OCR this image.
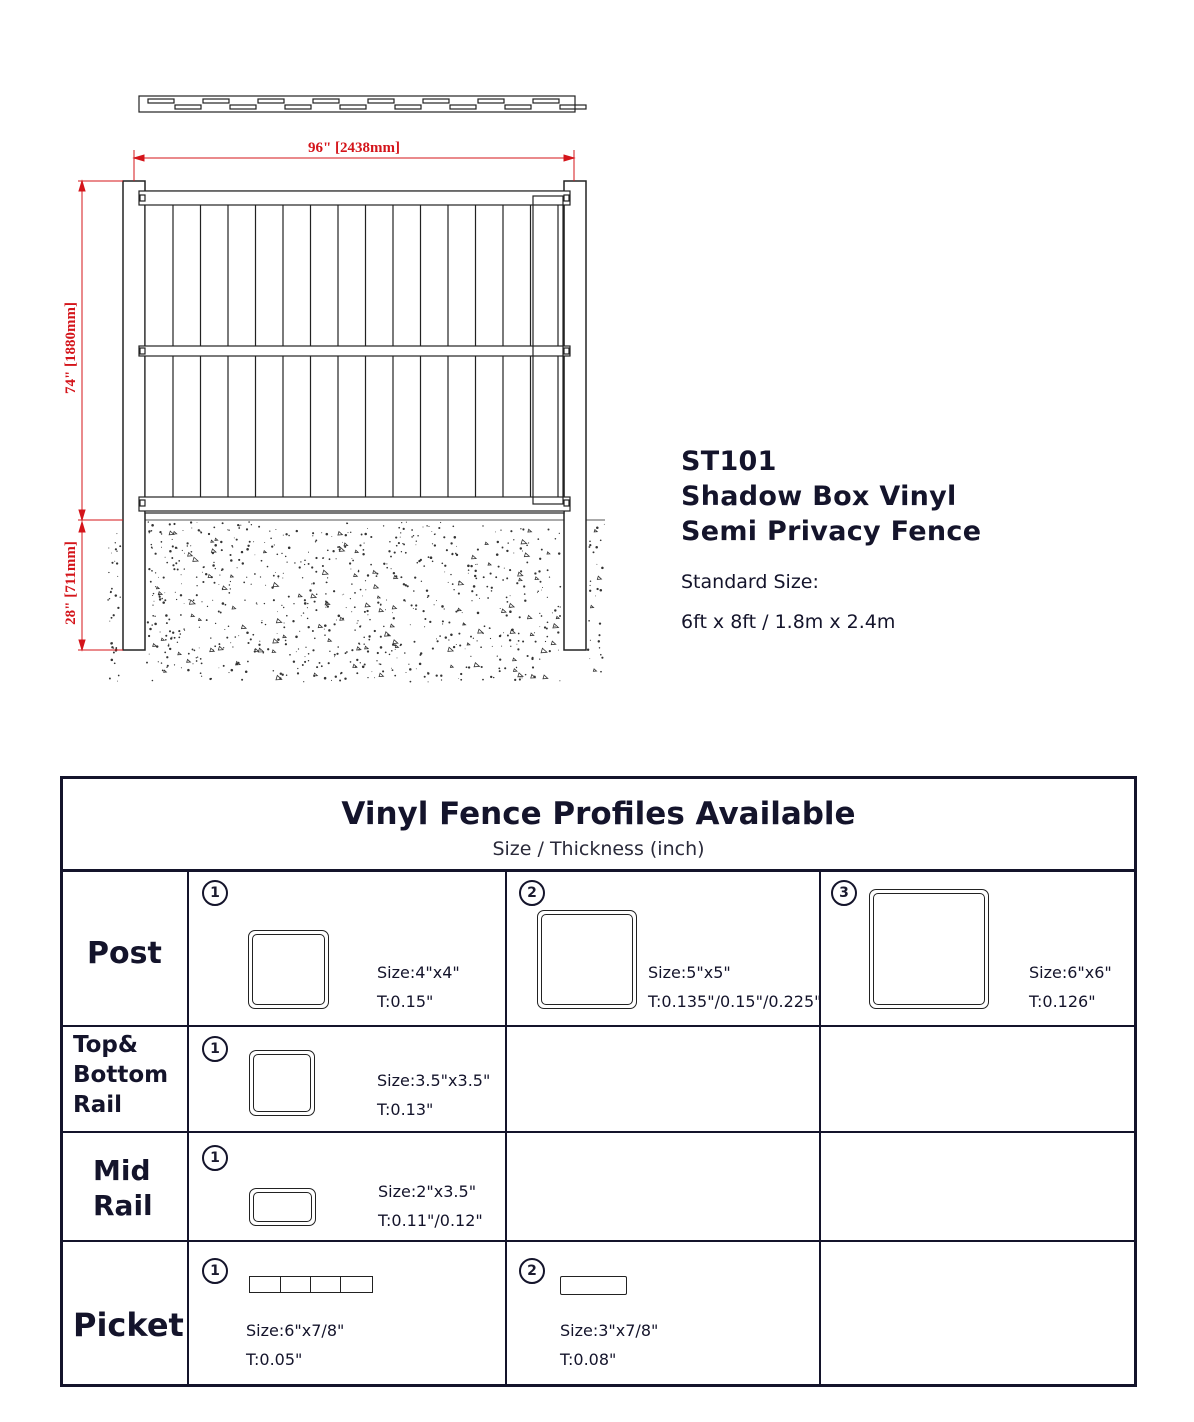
96" [2438mm]
74" [1880mm]
28" [711mm]
ST101
Shadow Box Vinyl
Semi Privacy Fence
Standard Size:
6ft x 8ft / 1.8m x 2.4m
Vinyl Fence Profiles Available
Size / Thickness (inch)
Post
1
Size:4"x4"
T:0.15"
2
Size:5"x5"
T:0.135"/0.15"/0.225"
3
Size:6"x6"
T:0.126"
Top&
Bottom
Rail
1
Size:3.5"x3.5"
T:0.13"
Mid
Rail
1
Size:2"x3.5"
T:0.11"/0.12"
Picket
1
Size:6"x7/8"
T:0.05"
2
Size:3"x7/8"
T:0.08"
